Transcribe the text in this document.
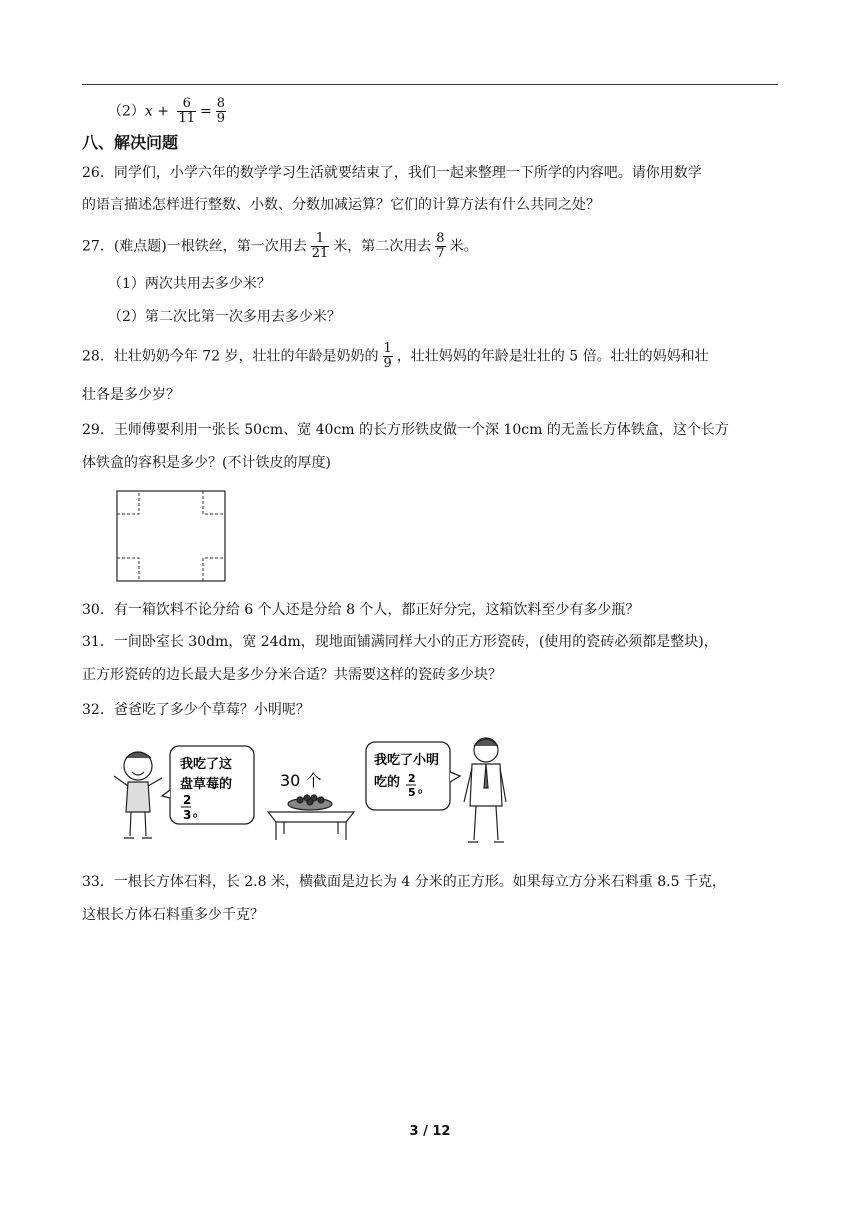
$(2)x + \frac{6}{11} = \frac{8}{9}$
八、解决问题
26．同学们，小学六年的数学学习生活就要结束了，我们一起来整理一下所学的内容吧。请你用数学
的语言描述怎样进行整数、小数、分数加减运算？它们的计算方法有什么共同之处？
27．(难点题)一根铁丝，第一次用去 $\frac{1}{21}$ 米，第二次用去 $\frac{8}{7}$ 米。
（1）两次共用去多少米？
（2）第二次比第一次多用去多少米？
28．壮壮奶奶今年 72 岁，壮壮的年龄是奶奶的 $\frac{1}{9}$ ，壮壮妈妈的年龄是壮壮的 5 倍。壮壮的妈妈和壮
壮各是多少岁？
29．王师傅要利用一张长 50cm、宽 40cm 的长方形铁皮做一个深 10cm 的无盖长方体铁盒，这个长方
体铁盒的容积是多少？(不计铁皮的厚度)
30．有一箱饮料不论分给 6 个人还是分给 8 个人，都正好分完，这箱饮料至少有多少瓶？
31．一间卧室长 30dm，宽 24dm，现地面铺满同样大小的正方形瓷砖，(使用的瓷砖必须都是整块)，
正方形瓷砖的边长最大是多少分米合适？共需要这样的瓷砖多少块？
32．爸爸吃了多少个草莓？小明呢？
我吃了这
盘草莓的
2
3 。
30 个
我吃了小明
吃的 2
5 。
33．一根长方体石料，长 2.8 米，横截面是边长为 4 分米的正方形。如果每立方分米石料重 8.5 千克，
这根长方体石料重多少千克？
3 / 12
